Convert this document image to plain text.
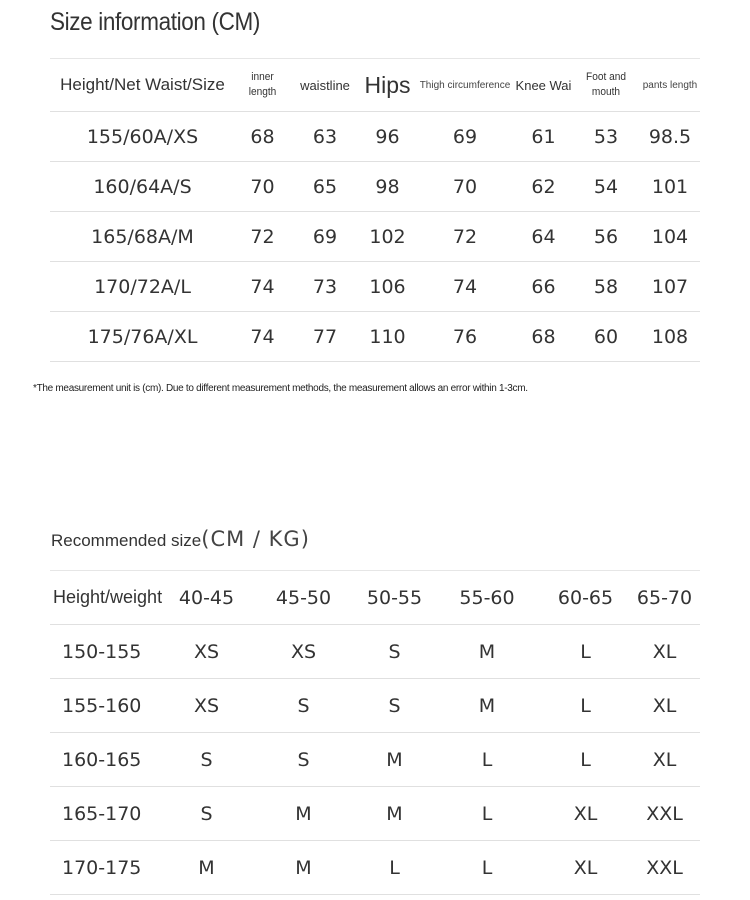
Size information (CM)
Height/Net Waist/Size	inner length	waistline	Hips	Thigh circumference	Knee Wai	Foot and mouth	pants length
155/60A/XS	68	63	96	69	61	53	98.5
160/64A/S	70	65	98	70	62	54	101
165/68A/M	72	69	102	72	64	56	104
170/72A/L	74	73	106	74	66	58	107
175/76A/XL	74	77	110	76	68	60	108
*The measurement unit is (cm). Due to different measurement methods, the measurement allows an error within 1-3cm.
Recommended size(CM / KG)
Height/weight	40-45	45-50	50-55	55-60	60-65	65-70
150-155	XS	XS	S	M	L	XL
155-160	XS	S	S	M	L	XL
160-165	S	S	M	L	L	XL
165-170	S	M	M	L	XL	XXL
170-175	M	M	L	L	XL	XXL
